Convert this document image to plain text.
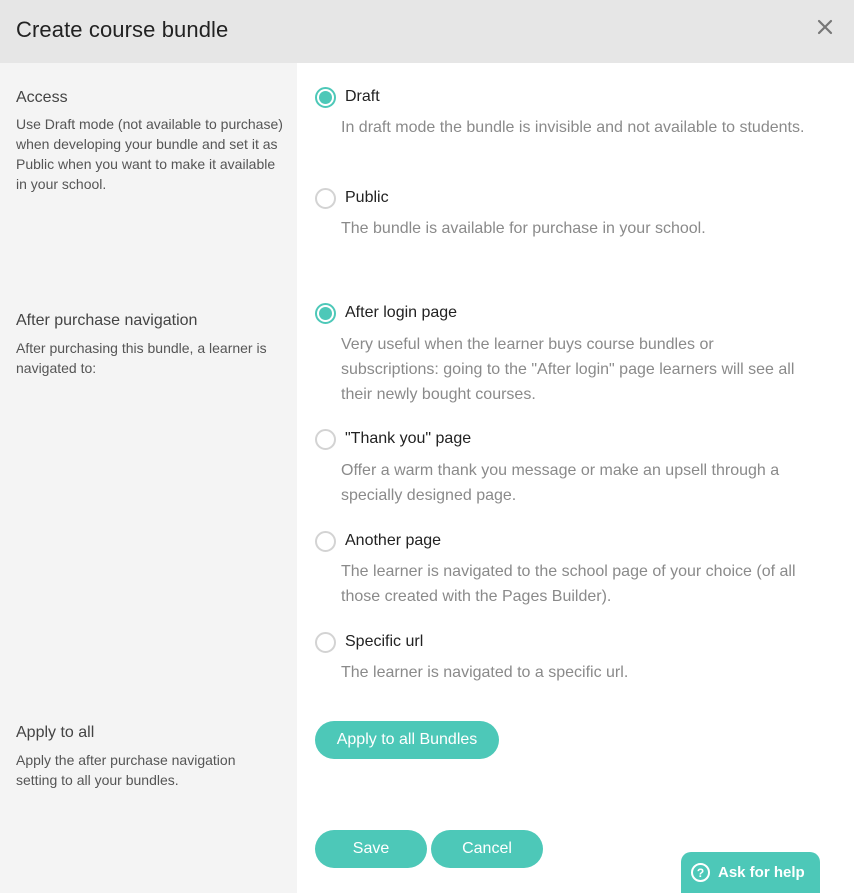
Create course bundle
Access
Use Draft mode (not available to purchase) when developing your bundle and set it as Public when you want to make it available in your school.
Draft
In draft mode the bundle is invisible and not available to students.
Public
The bundle is available for purchase in your school.
After purchase navigation
After purchasing this bundle, a learner is navigated to:
After login page
Very useful when the learner buys course bundles or subscriptions: going to the "After login" page learners will see all their newly bought courses.
"Thank you" page
Offer a warm thank you message or make an upsell through a specially designed page.
Another page
The learner is navigated to the school page of your choice (of all those created with the Pages Builder).
Specific url
The learner is navigated to a specific url.
Apply to all
Apply the after purchase navigation setting to all your bundles.
Apply to all Bundles
Save	Cancel
? Ask for help
